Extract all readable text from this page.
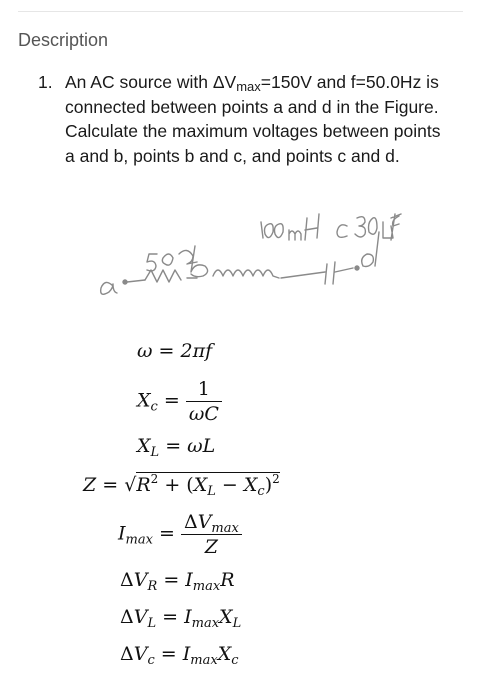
Description
1. An AC source with $\Delta V_{max}=150V$ and f=50.0Hz is connected between points a and d in the Figure. Calculate the maximum voltages between points a and b, points b and c, and points c and d.
ω = 2πf
$X_c = \frac{1}{\omega C}$
$X_L = \omega L$
$Z = √R^2 + (X_L - X_c)^2$
$I_{max} = \frac{\Delta V_{max}}{Z}$
$\Delta V_R = I_{max}R$
$\Delta V_L = I_{max}X_L$
$\Delta V_c = I_{max}X_c$
